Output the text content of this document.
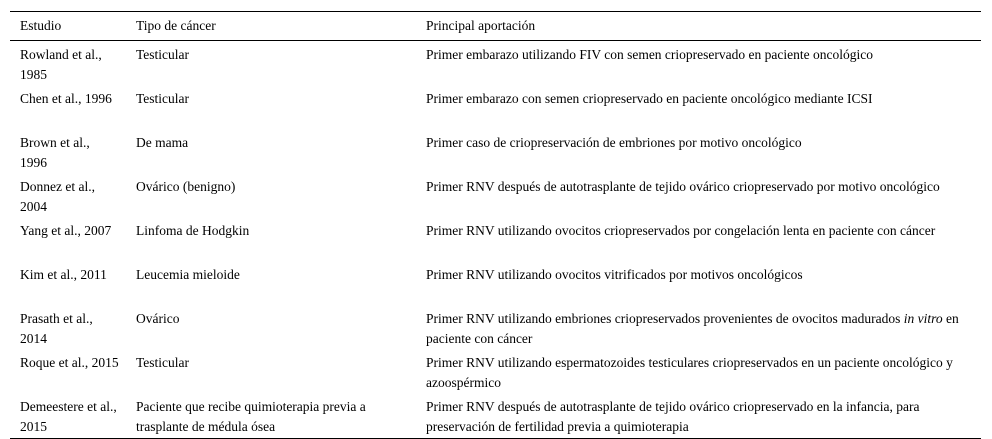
Estudio	Tipo de cáncer	Principal aportación
Rowland et al., 1985	Testicular	Primer embarazo utilizando FIV con semen criopreservado en paciente oncológico
Chen et al., 1996	Testicular	Primer embarazo con semen criopreservado en paciente oncológico mediante ICSI
Brown et al., 1996	De mama	Primer caso de criopreservación de embriones por motivo oncológico
Donnez et al., 2004	Ovárico (benigno)	Primer RNV después de autotrasplante de tejido ovárico criopreservado por motivo oncológico
Yang et al., 2007	Linfoma de Hodgkin	Primer RNV utilizando ovocitos criopreservados por congelación lenta en paciente con cáncer
Kim et al., 2011	Leucemia mieloide	Primer RNV utilizando ovocitos vitrificados por motivos oncológicos
Prasath et al., 2014	Ovárico	Primer RNV utilizando embriones criopreservados provenientes de ovocitos madurados in vitro en paciente con cáncer
Roque et al., 2015	Testicular	Primer RNV utilizando espermatozoides testiculares criopreservados en un paciente oncológico y azoospérmico
Demeestere et al., 2015	Paciente que recibe quimioterapia previa a trasplante de médula ósea	Primer RNV después de autotrasplante de tejido ovárico criopreservado en la infancia, para preservación de fertilidad previa a quimioterapia
